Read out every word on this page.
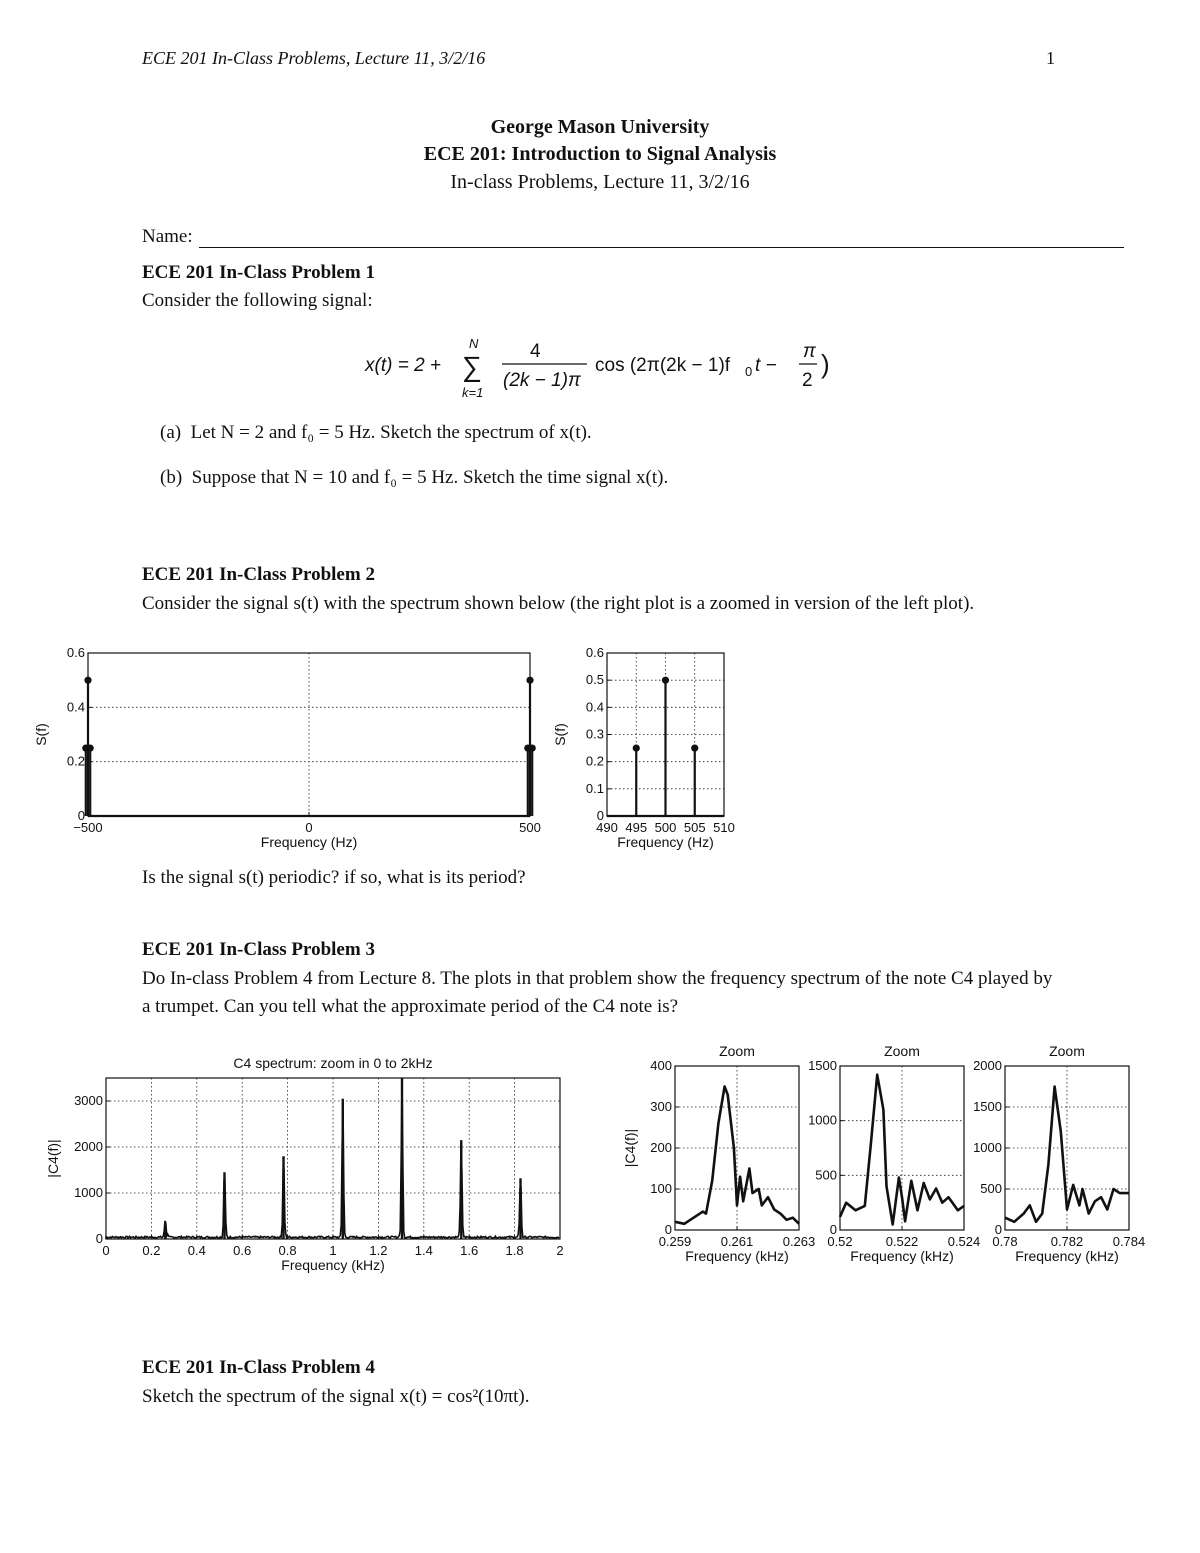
ECE 201 In-Class Problems, Lecture 11, 3/2/16	1
George Mason University
ECE 201: Introduction to Signal Analysis
In-class Problems, Lecture 11, 3/2/16
Name:
ECE 201 In-Class Problem 1
Consider the following signal:
x(t) = 2 +
N
∑
k=1
4
(2k − 1)π
cos (2π(2k − 1)f 0 t −
π
2
)
(a) Let N = 2 and f₀ = 5 Hz. Sketch the spectrum of x(t).
(b) Suppose that N = 10 and f₀ = 5 Hz. Sketch the time signal x(t).
ECE 201 In-Class Problem 2
Consider the signal s(t) with the spectrum shown below (the right plot is a zoomed in version of the left plot).
−500	0	500
0
0.2
0.4
0.6
Frequency (Hz)
S(f)
490 495 500 505 510
0
0.1
0.2
0.3
0.4
0.5
0.6
Frequency (Hz)
S(f)
Is the signal s(t) periodic? if so, what is its period?
ECE 201 In-Class Problem 3
Do In-class Problem 4 from Lecture 8. The plots in that problem show the frequency spectrum of the note C4 played by a trumpet. Can you tell what the approximate period of the C4 note is?
0	0.2 0.4 0.6 0.8	1	1.2 1.4 1.6 1.8	2
0
1000
2000
3000
Frequency (kHz)
|C4(f)|
C4 spectrum: zoom in 0 to 2kHz
0.259 0.261 0.263
0
100
200
300
400
Frequency (kHz)
|C4(f)|
Zoom
0.52	0.522 0.524
0
500
1000
1500
Frequency (kHz)
Zoom
0.78	0.782 0.784
0
500
1000
1500
2000
Frequency (kHz)
Zoom
ECE 201 In-Class Problem 4
Sketch the spectrum of the signal x(t) = cos²(10πt).
